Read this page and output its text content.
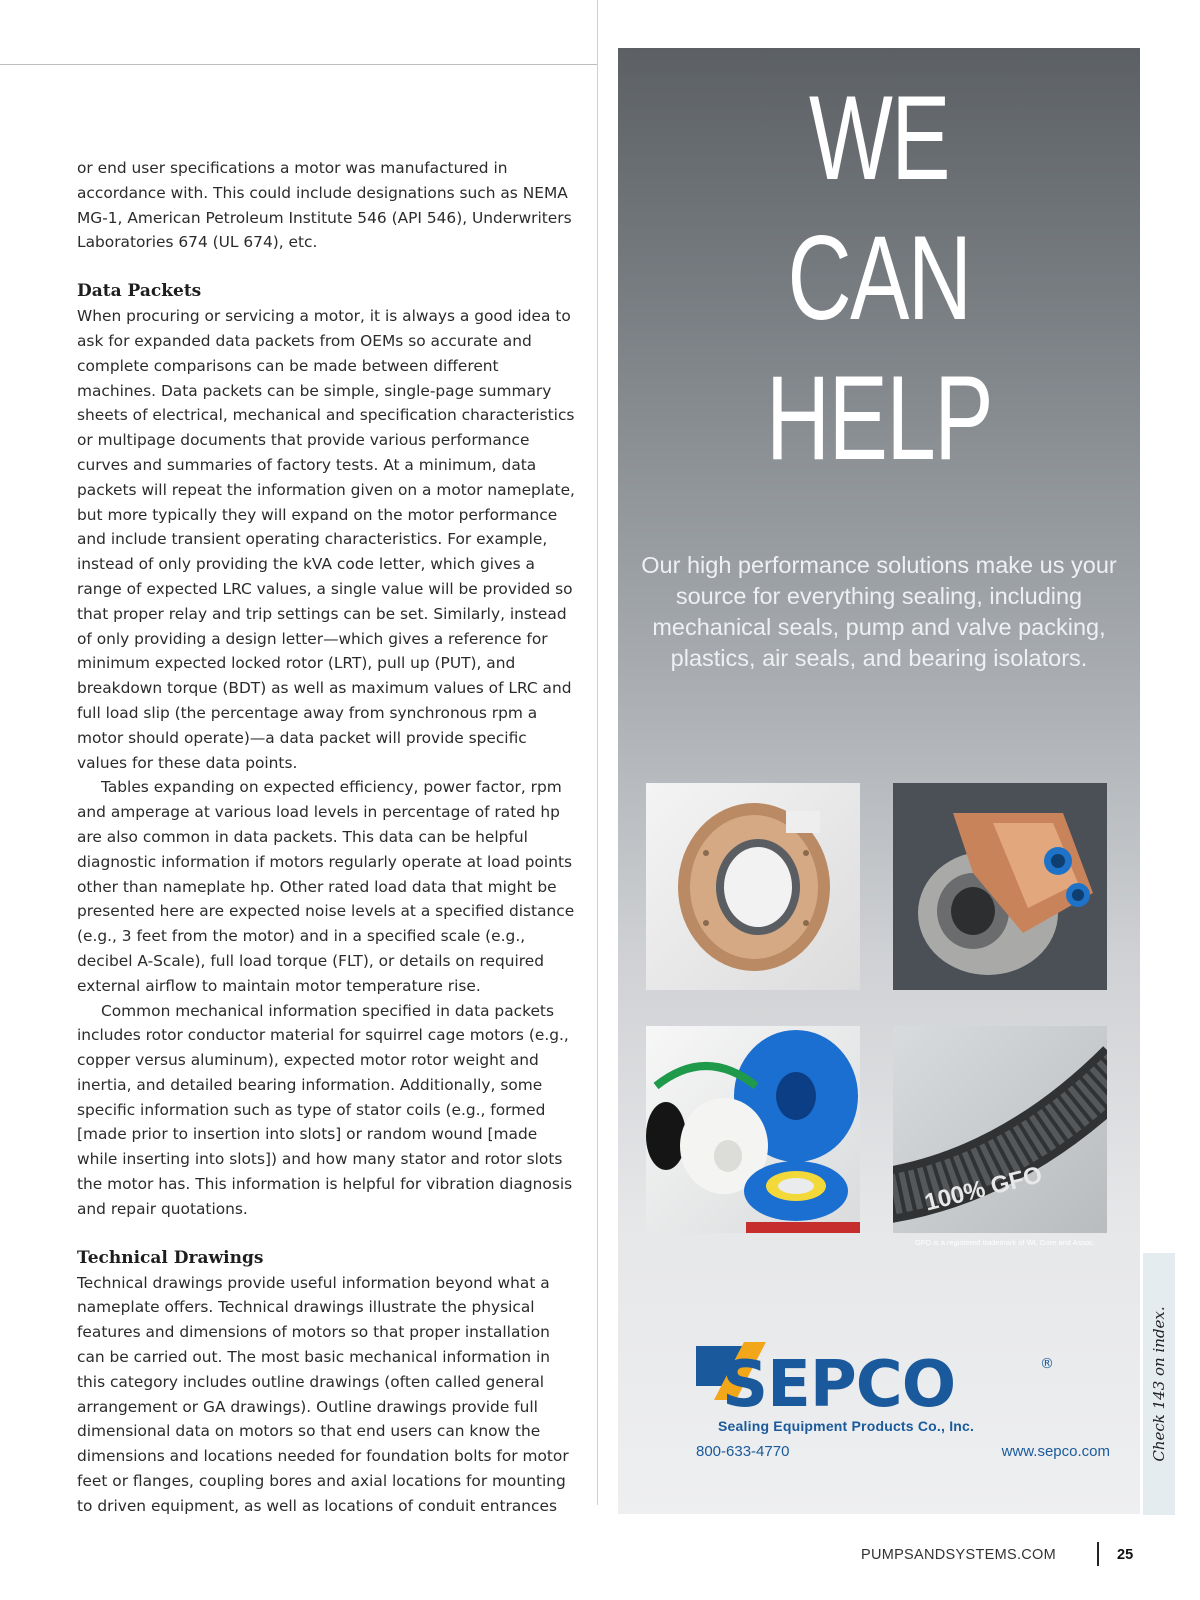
or end user specifications a motor was manufactured in accordance with. This could include designations such as NEMA MG-1, American Petroleum Institute 546 (API 546), Underwriters Laboratories 674 (UL 674), etc.

Data Packets

When procuring or servicing a motor, it is always a good idea to ask for expanded data packets from OEMs so accurate and complete comparisons can be made between different machines. Data packets can be simple, single-page summary sheets of electrical, mechanical and specification characteristics or multipage documents that provide various performance curves and summaries of factory tests. At a minimum, data packets will repeat the information given on a motor nameplate, but more typically they will expand on the motor performance and include transient operating characteristics. For example, instead of only providing the kVA code letter, which gives a range of expected LRC values, a single value will be provided so that proper relay and trip settings can be set. Similarly, instead of only providing a design letter—which gives a reference for minimum expected locked rotor (LRT), pull up (PUT), and breakdown torque (BDT) as well as maximum values of LRC and full load slip (the percentage away from synchronous rpm a motor should operate)—a data packet will provide specific values for these data points.

Tables expanding on expected efficiency, power factor, rpm and amperage at various load levels in percentage of rated hp are also common in data packets. This data can be helpful diagnostic information if motors regularly operate at load points other than nameplate hp. Other rated load data that might be presented here are expected noise levels at a specified distance (e.g., 3 feet from the motor) and in a specified scale (e.g., decibel A-Scale), full load torque (FLT), or details on required external airflow to maintain motor temperature rise.

Common mechanical information specified in data packets includes rotor conductor material for squirrel cage motors (e.g., copper versus aluminum), expected motor rotor weight and inertia, and detailed bearing information. Additionally, some specific information such as type of stator coils (e.g., formed [made prior to insertion into slots] or random wound [made while inserting into slots]) and how many stator and rotor slots the motor has. This information is helpful for vibration diagnosis and repair quotations.

Technical Drawings

Technical drawings provide useful information beyond what a nameplate offers. Technical drawings illustrate the physical features and dimensions of motors so that proper installation can be carried out. The most basic mechanical information in this category includes outline drawings (often called general arrangement or GA drawings). Outline drawings provide full dimensional data on motors so that end users can know the dimensions and locations needed for foundation bolts for motor feet or flanges, coupling bores and axial locations for mounting to driven equipment, as well as locations of conduit entrances

WE
CAN
HELP
Our high performance solutions make us your source for everything sealing, including mechanical seals, pump and valve packing, plastics, air seals, and bearing isolators.
100% GFO
GFO is a registered trademark of WL Gore and Assoc.
SEPCO	®
Sealing Equipment Products Co., Inc.
800-633-4770	www.sepco.com	Check 143 on index.
PUMPSANDSYSTEMS.COM	25
